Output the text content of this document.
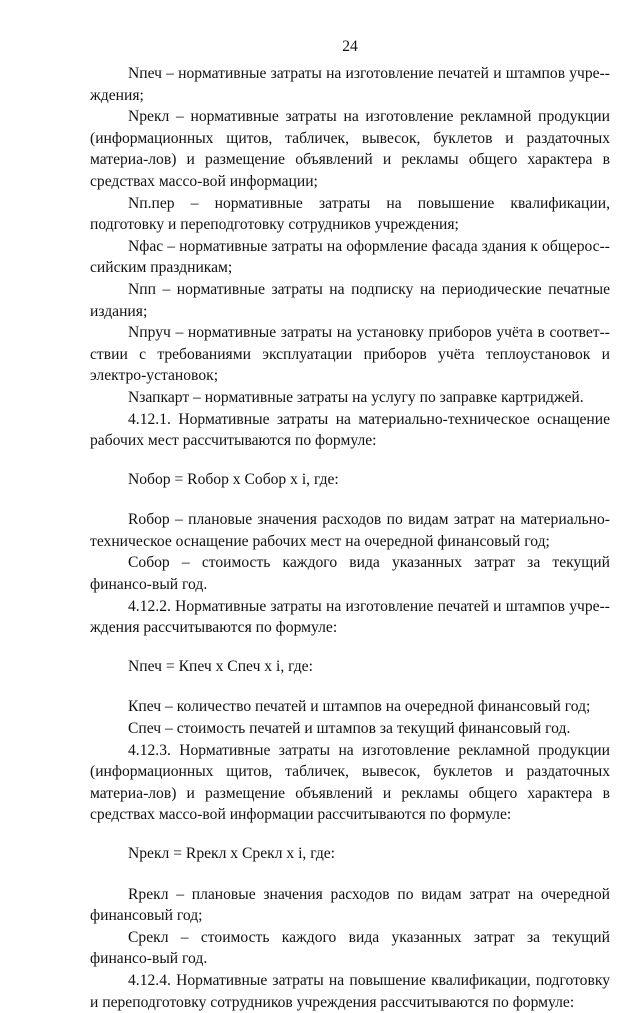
24

Nпеч – нормативные затраты на изготовление печатей и штампов учре-ждения;

Nрекл – нормативные затраты на изготовление рекламной продукции (информационных щитов, табличек, вывесок, буклетов и раздаточных материа-лов) и размещение объявлений и рекламы общего характера в средствах массо-вой информации;

Nп.пер – нормативные затраты на повышение квалификации, подготовку и переподготовку сотрудников учреждения;

Nфас – нормативные затраты на оформление фасада здания к общерос-сийским праздникам;

Nпп – нормативные затраты на подписку на периодические печатные издания;

Nпруч – нормативные затраты на установку приборов учёта в соответ-ствии с требованиями эксплуатации приборов учёта теплоустановок и электро-установок;

Nзапкарт – нормативные затраты на услугу по заправке картриджей.

4.12.1. Нормативные затраты на материально-техническое оснащение рабочих мест рассчитываются по формуле:

Nобор = Rобор x Собор x i, где:

Rобор – плановые значения расходов по видам затрат на материально-техническое оснащение рабочих мест на очередной финансовый год;

Собор – стоимость каждого вида указанных затрат за текущий финансо-вый год.

4.12.2. Нормативные затраты на изготовление печатей и штампов учре-ждения рассчитываются по формуле:

Nпеч = Кпеч x Спеч x i, где:

Кпеч – количество печатей и штампов на очередной финансовый год;

Спеч – стоимость печатей и штампов за текущий финансовый год.

4.12.3. Нормативные затраты на изготовление рекламной продукции (информационных щитов, табличек, вывесок, буклетов и раздаточных материа-лов) и размещение объявлений и рекламы общего характера в средствах массо-вой информации рассчитываются по формуле:

Nрекл = Rрекл x Срекл x i, где:

Rрекл – плановые значения расходов по видам затрат на очередной финансовый год;

Срекл – стоимость каждого вида указанных затрат за текущий финансо-вый год.

4.12.4. Нормативные затраты на повышение квалификации, подготовку и переподготовку сотрудников учреждения рассчитываются по формуле:
